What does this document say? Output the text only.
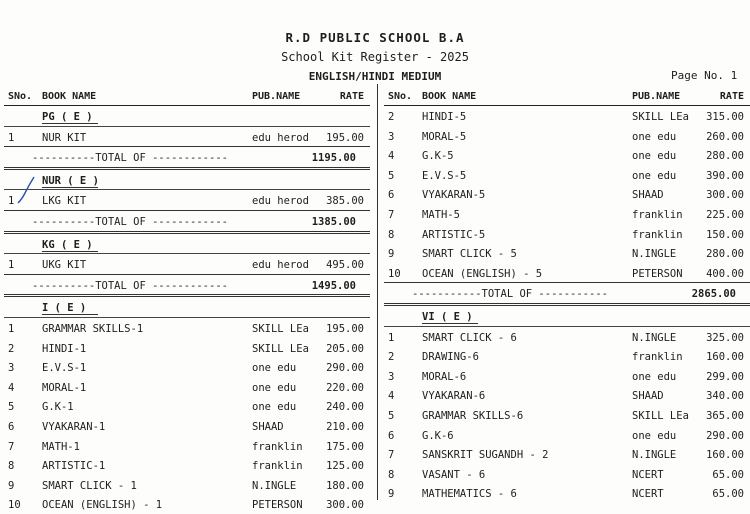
R.D PUBLIC SCHOOL B.A
School Kit Register - 2025
ENGLISH/HINDI MEDIUM	Page No. 1
SNo. BOOK NAME	PUB.NAME	RATE
PG ( E )
1	NUR KIT	edu herod 195.00
----------TOTAL OF ------------	1195.00
NUR ( E )
1	LKG KIT	edu herod 385.00
----------TOTAL OF ------------	1385.00
KG ( E )
1	UKG KIT	edu herod 495.00
----------TOTAL OF ------------	1495.00
I ( E )
1	GRAMMAR SKILLS-1	SKILL LEa 195.00
2	HINDI-1	SKILL LEa 205.00
3	E.V.S-1	one edu	290.00
4	MORAL-1	one edu	220.00
5	G.K-1	one edu	240.00
6	VYAKARAN-1	SHAAD	210.00
7	MATH-1	franklin 175.00
8	ARTISTIC-1	franklin 125.00
9	SMART CLICK - 1	N.INGLE	180.00
10 OCEAN (ENGLISH) - 1	PETERSON 300.00
SNo. BOOK NAME	PUB.NAME	RATE
2	HINDI-5	SKILL LEa 315.00
3	MORAL-5	one edu	260.00
4	G.K-5	one edu	280.00
5	E.V.S-5	one edu	390.00
6	VYAKARAN-5	SHAAD	300.00
7	MATH-5	franklin 225.00
8	ARTISTIC-5	franklin 150.00
9	SMART CLICK - 5	N.INGLE	280.00
10 OCEAN (ENGLISH) - 5	PETERSON 400.00
-----------TOTAL OF -----------	2865.00
VI ( E )
1	SMART CLICK - 6	N.INGLE	325.00
2	DRAWING-6	franklin 160.00
3	MORAL-6	one edu	299.00
4	VYAKARAN-6	SHAAD	340.00
5	GRAMMAR SKILLS-6	SKILL LEa 365.00
6	G.K-6	one edu	290.00
7	SANSKRIT SUGANDH - 2	N.INGLE	160.00
8	VASANT - 6	NCERT	65.00
9	MATHEMATICS - 6	NCERT	65.00
